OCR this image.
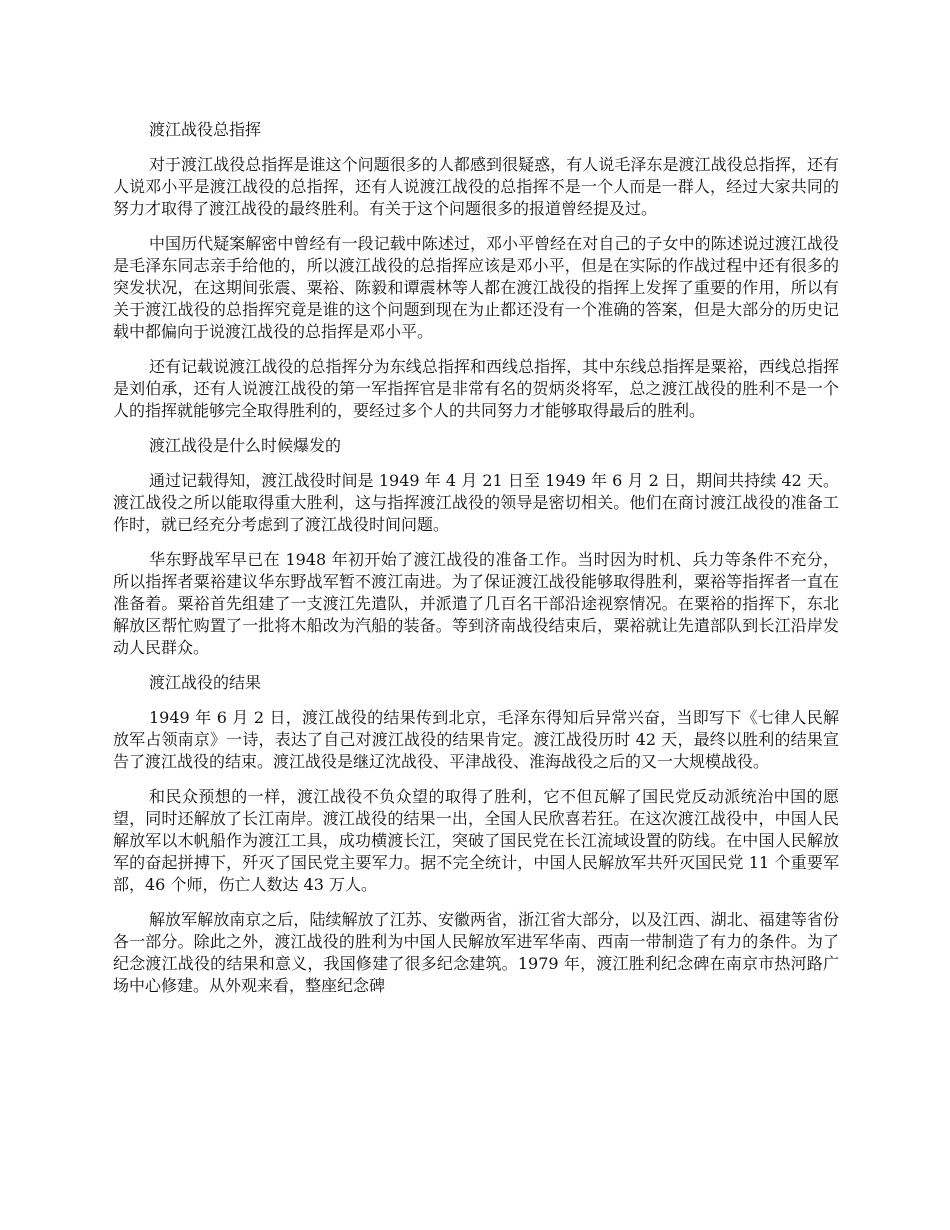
渡江战役总指挥

对于渡江战役总指挥是谁这个问题很多的人都感到很疑惑，有人说毛泽东是渡江战役总指挥，还有人说邓小平是渡江战役的总指挥，还有人说渡江战役的总指挥不是一个人而是一群人，经过大家共同的努力才取得了渡江战役的最终胜利。有关于这个问题很多的报道曾经提及过。

中国历代疑案解密中曾经有一段记载中陈述过，邓小平曾经在对自己的子女中的陈述说过渡江战役是毛泽东同志亲手给他的，所以渡江战役的总指挥应该是邓小平，但是在实际的作战过程中还有很多的突发状况，在这期间张震、粟裕、陈毅和谭震林等人都在渡江战役的指挥上发挥了重要的作用，所以有关于渡江战役的总指挥究竟是谁的这个问题到现在为止都还没有一个准确的答案，但是大部分的历史记载中都偏向于说渡江战役的总指挥是邓小平。

还有记载说渡江战役的总指挥分为东线总指挥和西线总指挥，其中东线总指挥是粟裕，西线总指挥是刘伯承，还有人说渡江战役的第一军指挥官是非常有名的贺炳炎将军，总之渡江战役的胜利不是一个人的指挥就能够完全取得胜利的，要经过多个人的共同努力才能够取得最后的胜利。

渡江战役是什么时候爆发的

通过记载得知，渡江战役时间是 1949 年 4 月 21 日至 1949 年 6 月 2 日，期间共持续 42 天。渡江战役之所以能取得重大胜利，这与指挥渡江战役的领导是密切相关。他们在商讨渡江战役的准备工作时，就已经充分考虑到了渡江战役时间问题。

华东野战军早已在 1948 年初开始了渡江战役的准备工作。当时因为时机、兵力等条件不充分，所以指挥者粟裕建议华东野战军暂不渡江南进。为了保证渡江战役能够取得胜利，粟裕等指挥者一直在准备着。粟裕首先组建了一支渡江先遣队，并派遣了几百名干部沿途视察情况。在粟裕的指挥下，东北解放区帮忙购置了一批将木船改为汽船的装备。等到济南战役结束后，粟裕就让先遣部队到长江沿岸发动人民群众。

渡江战役的结果

1949 年 6 月 2 日，渡江战役的结果传到北京，毛泽东得知后异常兴奋，当即写下《七律人民解放军占领南京》一诗，表达了自己对渡江战役的结果肯定。渡江战役历时 42 天，最终以胜利的结果宣告了渡江战役的结束。渡江战役是继辽沈战役、平津战役、淮海战役之后的又一大规模战役。

和民众预想的一样，渡江战役不负众望的取得了胜利，它不但瓦解了国民党反动派统治中国的愿望，同时还解放了长江南岸。渡江战役的结果一出，全国人民欣喜若狂。在这次渡江战役中，中国人民解放军以木帆船作为渡江工具，成功横渡长江，突破了国民党在长江流域设置的防线。在中国人民解放军的奋起拼搏下，歼灭了国民党主要军力。据不完全统计，中国人民解放军共歼灭国民党 11 个重要军部，46 个师，伤亡人数达 43 万人。

解放军解放南京之后，陆续解放了江苏、安徽两省，浙江省大部分，以及江西、湖北、福建等省份各一部分。除此之外，渡江战役的胜利为中国人民解放军进军华南、西南一带制造了有力的条件。为了纪念渡江战役的结果和意义，我国修建了很多纪念建筑。1979 年，渡江胜利纪念碑在南京市热河路广场中心修建。从外观来看，整座纪念碑
